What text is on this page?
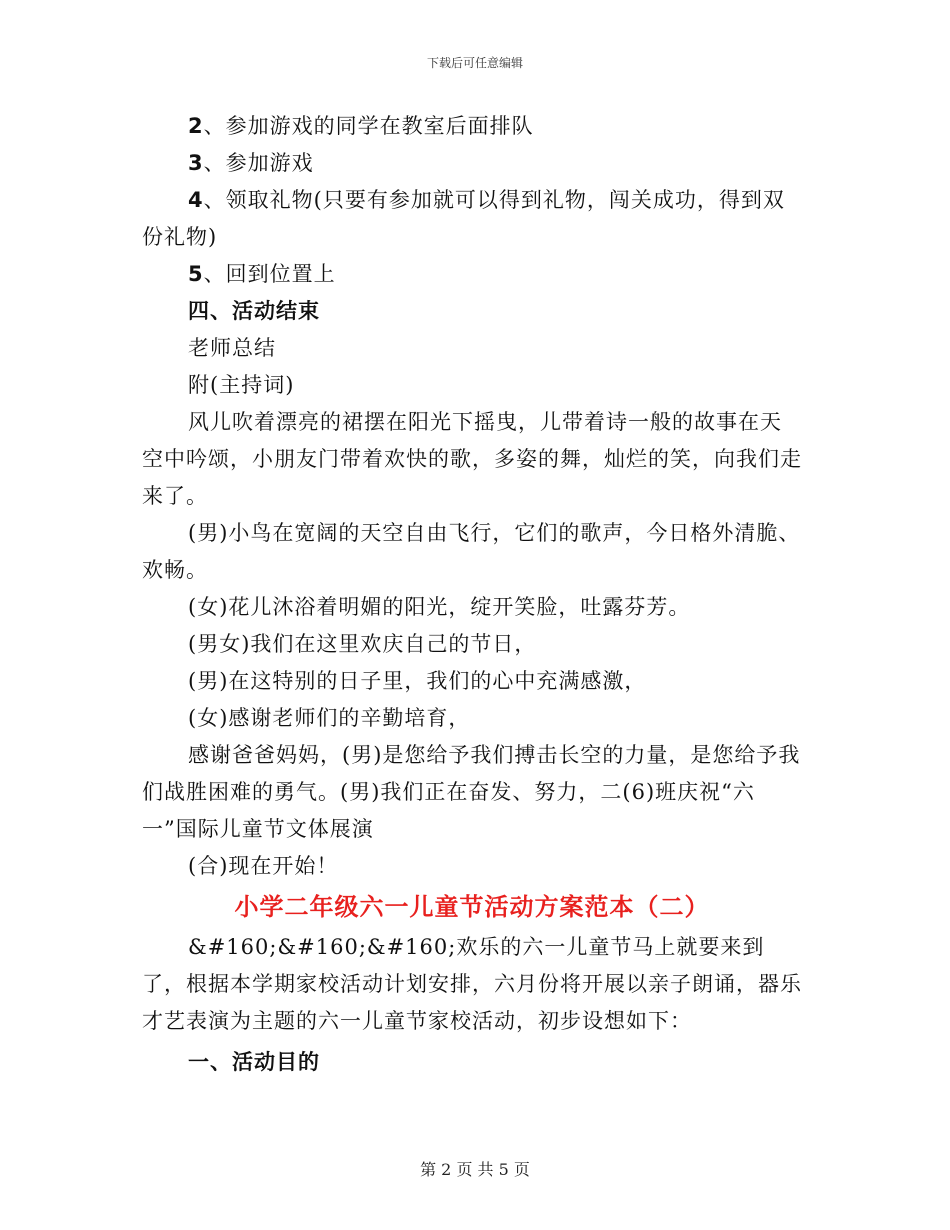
下载后可任意编辑

2、参加游戏的同学在教室后面排队

3、参加游戏

4、领取礼物(只要有参加就可以得到礼物，闯关成功，得到双份礼物)

5、回到位置上

四、活动结束

老师总结

附(主持词)

风儿吹着漂亮的裙摆在阳光下摇曳，儿带着诗一般的故事在天空中吟颂，小朋友门带着欢快的歌，多姿的舞，灿烂的笑，向我们走来了。

(男)小鸟在宽阔的天空自由飞行，它们的歌声，今日格外清脆、欢畅。

(女)花儿沐浴着明媚的阳光，绽开笑脸，吐露芬芳。

(男女)我们在这里欢庆自己的节日，

(男)在这特别的日子里，我们的心中充满感激，

(女)感谢老师们的辛勤培育，

感谢爸爸妈妈，(男)是您给予我们搏击长空的力量，是您给予我们战胜困难的勇气。(男)我们正在奋发、努力，二(6)班庆祝“六一”国际儿童节文体展演

(合)现在开始！

小学二年级六一儿童节活动方案范本（二）

&#160;&#160;&#160;欢乐的六一儿童节马上就要来到了，根据本学期家校活动计划安排，六月份将开展以亲子朗诵，器乐才艺表演为主题的六一儿童节家校活动，初步设想如下：

一、活动目的

第 2 页 共 5 页
